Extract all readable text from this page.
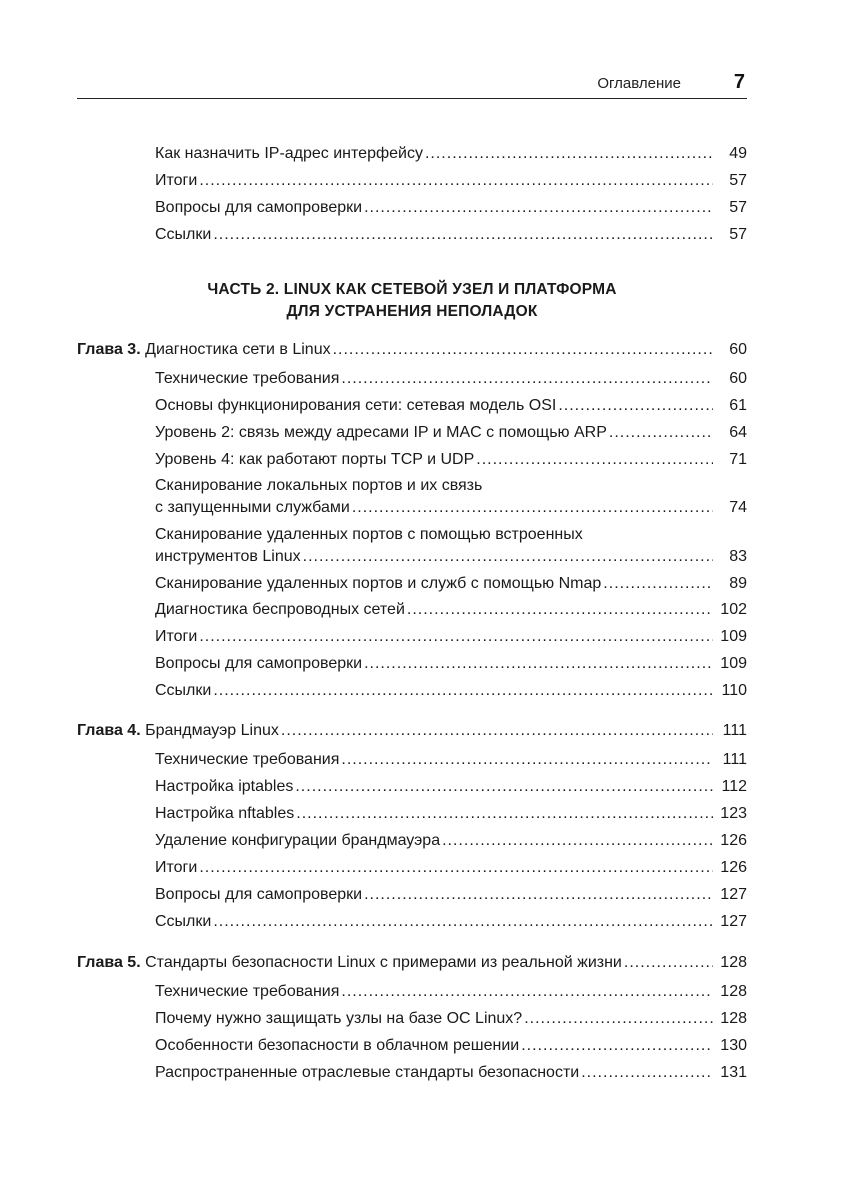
Оглавление	7
Как назначить IP-адрес интерфейсу .....	49
Итоги .....	57
Вопросы для самопроверки .....	57
Ссылки .....	57
ЧАСТЬ 2. LINUX КАК СЕТЕВОЙ УЗЕЛ И ПЛАТФОРМА
ДЛЯ УСТРАНЕНИЯ НЕПОЛАДОК
Глава 3. Диагностика сети в Linux .....	60
Технические требования .....	60
Основы функционирования сети: сетевая модель OSI .....	61
Уровень 2: связь между адресами IP и MAC с помощью ARP .....	64
Уровень 4: как работают порты TCP и UDP .....	71
Сканирование локальных портов и их связь
с запущенными службами .....	74
Сканирование удаленных портов с помощью встроенных
инструментов Linux .....	83
Сканирование удаленных портов и служб с помощью Nmap .....	89
Диагностика беспроводных сетей .....	102
Итоги .....	109
Вопросы для самопроверки .....	109
Ссылки .....	110
Глава 4. Брандмауэр Linux .....	111
Технические требования .....	111
Настройка iptables .....	112
Настройка nftables .....	123
Удаление конфигурации брандмауэра .....	126
Итоги .....	126
Вопросы для самопроверки .....	127
Ссылки .....	127
Глава 5. Стандарты безопасности Linux с примерами из реальной жизни .....	128
Технические требования .....	128
Почему нужно защищать узлы на базе ОС Linux? .....	128
Особенности безопасности в облачном решении .....	130
Распространенные отраслевые стандарты безопасности .....	131
